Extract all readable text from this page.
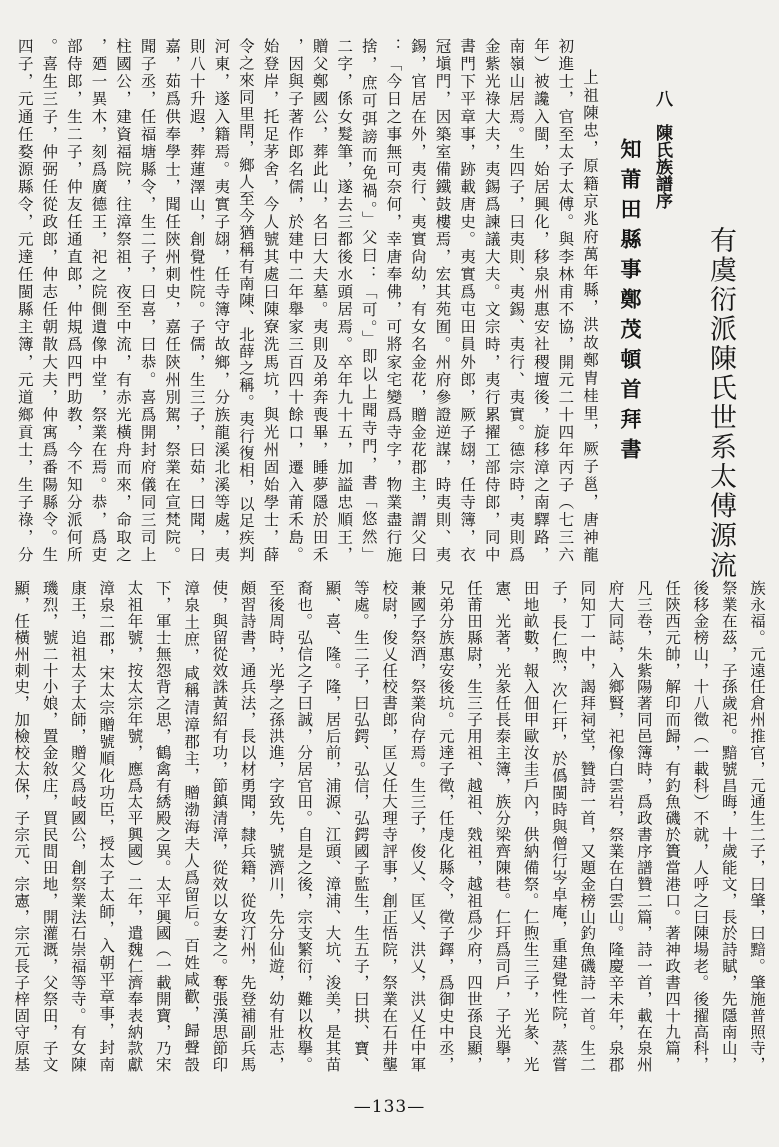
有虞衍派陳氏世系太傅源流
八　陳氏族譜序
知莆田縣事鄭茂頓首拜書
上祖陳忠，原籍京兆府萬年縣，洪故鄭胄桂里，厥子邕，唐神龍
初進士，官至太子太傅。與李林甫不協，開元二十四年丙子（七三六
年）被讒入閩，始居興化，移泉州惠安社稷壇後，旋移漳之南驛路，
南嶺山居焉。生四子，曰夷則、夷錫、夷行、夷實。德宗時，夷則爲
金紫光祿大夫，夷錫爲諫議大夫。文宗時，夷行累擢工部侍郎，同中
書門下平章事，跡載唐史。夷實爲屯田員外郎，厥子翃，任寺簿，衣
冠塡門，因築室備鐵鼓樓焉，宏其苑囿。州府參證逆謀，時夷則、夷
錫，官居在外，夷行、夷實尙幼，有女名金花，贈金花郡主，謂父曰
：「今日之事無可奈何，幸唐奉佛，可將家宅變爲寺字，物業盡行施
捨，庶可弭謗而免禍。」父曰：「可。」即以上聞寺門，書「悠然」
二字，係女髮筆，遂去三都後水頭居焉。卒年九十五，加謚忠順王，
贈父鄭國公，葬此山，名曰大夫墓。夷則及弟奔喪畢，睡夢隱於田禾
，因與子著作郎名儒，於建中二年舉家三百四十餘口，遷入莆禾島。
始登岸，托足茅舍，今人號其處曰陳寮洗馬坑，與光州固始學士，薛
令之來同里閈，鄉人至今猶稱有南陳、北薛之稱。夷行復相，以足疾判
河東，遂入籍焉。夷實子翃，任寺簿守故鄉，分族龍溪北溪等處，夷
則八十升遐，葬蓮澤山，創覺性院。子儒，生三子，曰茹，曰聞，曰
嘉，茹爲供奉學士，聞任陝州刺史，嘉任陝州別駕，祭業在宣梵院。
聞子丞，任福塘縣令，生二子，曰喜，曰恭。喜爲開封府儀同三司上
柱國公，建資福院，往漳祭祖，夜至中流，有赤光橫舟而來，命取之
，廼一異木，刻爲廣德王，祀之院側遺像中堂，祭業在焉。恭，爲吏
部侍郎，生二子，仲友任通直郎，仲規爲四門助教，今不知分派何所
。喜生三子，仲弼任從政郎，仲志任朝散大夫，仲寓爲番陽縣令。生
四子，元通任婺源縣令，元達任閩縣主簿，元道鄉貢士，生子祿，分
族永福。元遠任倉州推官，元通生二子，曰肇，曰黯。肇施普照寺，
祭業在茲，子孫歲祀。黯號昌晦，十歲能文，長於詩賦，先隱南山，
後移金榜山，十八徵（一載科）不就，人呼之曰陳場老。後擢高科，
任陝西元帥，解印而歸，有釣魚磯於簣當港口。著神政書四十九篇，
凡三卷，朱紫陽著同邑簿時，爲政書序譜贊二篇，詩一首，載在泉州
府大同誌，入鄉賢，祀像白雲岩，祭業在白雲山。隆慶辛未年，泉郡
同知丁一中，謁拜祠堂，贊詩一首，又題金榜山釣魚磯詩一首。生二
子，長仁煦，次仁玕，於僞閩時與僧行岑卓庵，重建覺性院，蒸嘗
田地畝數，報入佃甲歐汝圭戶內，供納備祭。仁煦生三子，光彖、光
憲、光著，光彖任長泰主簿，族分梁齊陳巷。仁玕爲司戶，子光擧，
任莆田縣尉，生三子用祖、越祖、戣祖，越祖爲少府，四世孫良顯，
兄弟分族惠安後坑。元達子徵，任虔化縣令，徵子鐸，爲御史中丞，
兼國子祭酒，祭業尙存焉。生三子，俊乂、匡乂、洪乂，洪乂任中軍
校尉，俊乂任校書郎，匡乂任大理寺評事，創正悟院，祭業在石井壟
等處。生二子，曰弘鍔、弘信，弘鍔國子監生，生五子，曰拱、寶、
顯、喜、隆。隆，居后前，浦源、江頭、漳浦、大坑、浚美，是其苗
裔也。弘信之子曰誠，分居官田。自是之後，宗支繁衍，難以枚擧。
至後周時，光學之孫洪進，字致先，號濟川，先分仙遊，幼有壯志，
頗習詩書，通兵法，長以材勇聞，隸兵籍，從攻汀州，先登補副兵馬
使，與留從效誅黃紹有功，節鎮清漳，從效以女妻之。奪張漢思節印
漳泉土庶，咸稱清漳郡主，贈渤海夫人爲留后。百姓咸歡，歸聲嗀
下，軍士無怨背之思，鶴禽有綉殿之異。太平興國（一載開寶，乃宋
太祖年號，按太宗年號，應爲太平興國）二年，遣魏仁濟奉表納款獻
漳泉二郡，宋太宗贈號順化功臣，授太子太師，入朝平章事，封南
康王，追祖太子太師，贈父爲岐國公，創祭業法石崇福等寺。有女陳
璣烈，號二十小娘，置金敘庄，買民間田地，開灌溉，父祭田，子文
顯，任橫州刺史，加檢校太保，子宗元、宗憲，宗元長子梓固守原基
—133—
